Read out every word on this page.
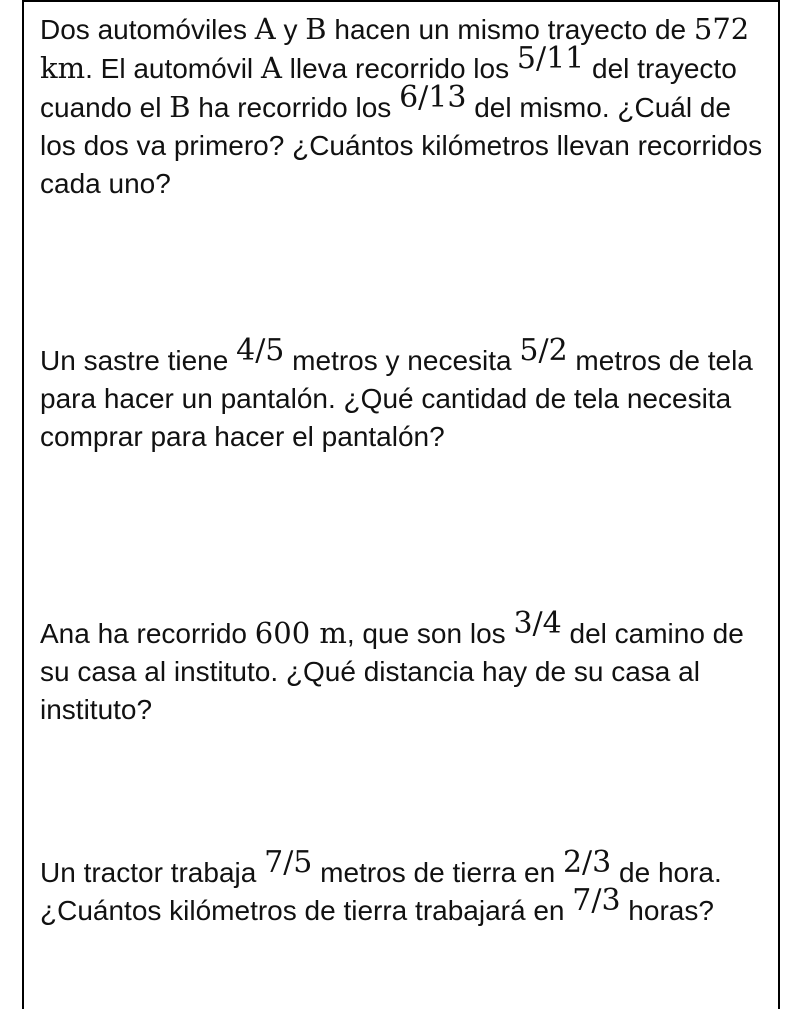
Dos automóviles A y B hacen un mismo trayecto de 572 km. El automóvil A lleva recorrido los 5/11 del trayecto cuando el B ha recorrido los 6/13 del mismo. ¿Cuál de los dos va primero? ¿Cuántos kilómetros llevan recorridos cada uno?
Un sastre tiene 4/5 metros y necesita 5/2 metros de tela para hacer un pantalón. ¿Qué cantidad de tela necesita comprar para hacer el pantalón?
Ana ha recorrido 600 m, que son los 3/4 del camino de su casa al instituto. ¿Qué distancia hay de su casa al instituto?
Un tractor trabaja 7/5 metros de tierra en 2/3 de hora. ¿Cuántos kilómetros de tierra trabajará en 7/3 horas?
